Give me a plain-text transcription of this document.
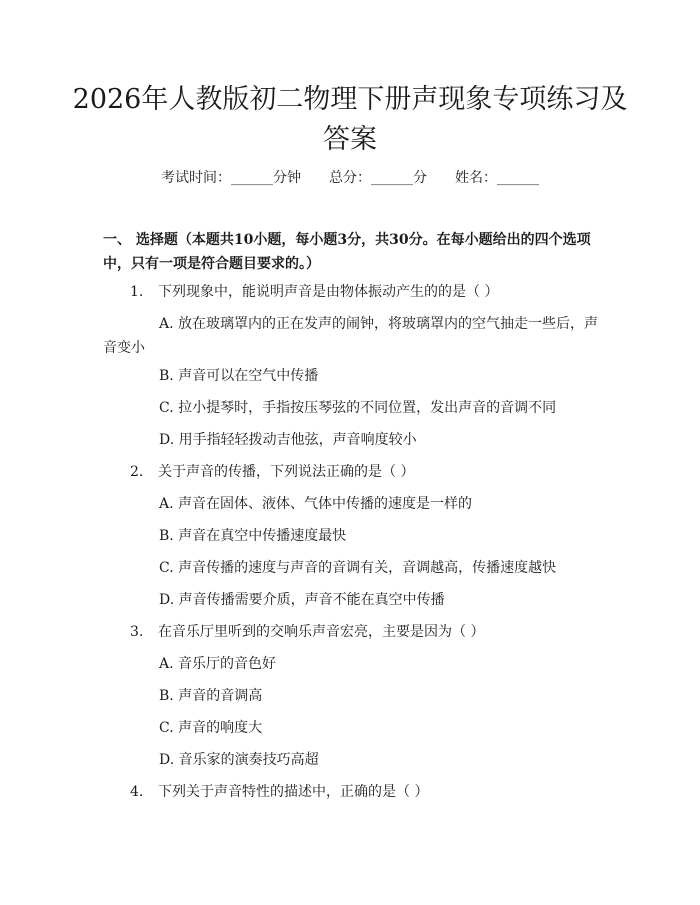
2026年人教版初二物理下册声现象专项练习及答案
考试时间：______分钟 总分：______分 姓名：______
一、 选择题（本题共10小题，每小题3分，共30分。在每小题给出的四个选项中，只有一项是符合题目要求的。）
1. 下列现象中，能说明声音是由物体振动产生的的是（ ）
A. 放在玻璃罩内的正在发声的闹钟，将玻璃罩内的空气抽走一些后，声音变小
B. 声音可以在空气中传播
C. 拉小提琴时，手指按压琴弦的不同位置，发出声音的音调不同
D. 用手指轻轻拨动吉他弦，声音响度较小
2. 关于声音的传播，下列说法正确的是（ ）
A. 声音在固体、液体、气体中传播的速度是一样的
B. 声音在真空中传播速度最快
C. 声音传播的速度与声音的音调有关，音调越高，传播速度越快
D. 声音传播需要介质，声音不能在真空中传播
3. 在音乐厅里听到的交响乐声音宏亮，主要是因为（ ）
A. 音乐厅的音色好
B. 声音的音调高
C. 声音的响度大
D. 音乐家的演奏技巧高超
4. 下列关于声音特性的描述中，正确的是（ ）
